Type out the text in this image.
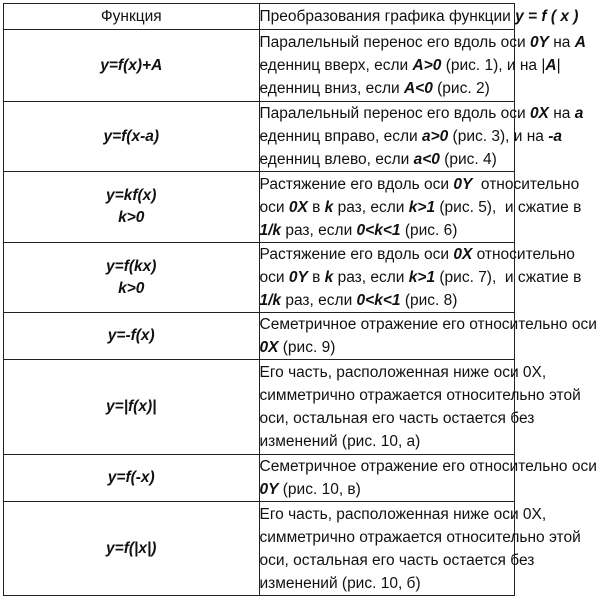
Функция	Преобразования графика функции y = f ( x )

y=f(x)+A	Паралельный перенос его вдоль оси 0Y на A
еденниц вверх, если A>0 (рис. 1), и на |A|
еденниц вниз, если A<0 (рис. 2)

y=f(x-a)	Паралельный перенос его вдоль оси 0X на a
еденниц вправо, если a>0 (рис. 3), и на -a
еденниц влево, если a<0 (рис. 4)

y=kf(x)
k>0	Растяжение его вдоль оси 0Y  относительно
оси 0X в k раз, если k>1 (рис. 5),  и сжатие в
1/k раз, если 0<k<1 (рис. 6)

y=f(kx)
k>0	Растяжение его вдоль оси 0X относительно
оси 0Y в k раз, если k>1 (рис. 7),  и сжатие в
1/k раз, если 0<k<1 (рис. 8)

y=-f(x)	Семетричное отражение его относительно оси
0X (рис. 9)

y=|f(x)|	Его часть, расположенная ниже оси 0X,
симметрично отражается относительно этой
оси, остальная его часть остается без
изменений (рис. 10, а)

y=f(-x)	Семетричное отражение его относительно оси
0Y (рис. 10, в)

y=f(|x|)	Его часть, расположенная ниже оси 0X,
симметрично отражается относительно этой
оси, остальная его часть остается без
изменений (рис. 10, б)
